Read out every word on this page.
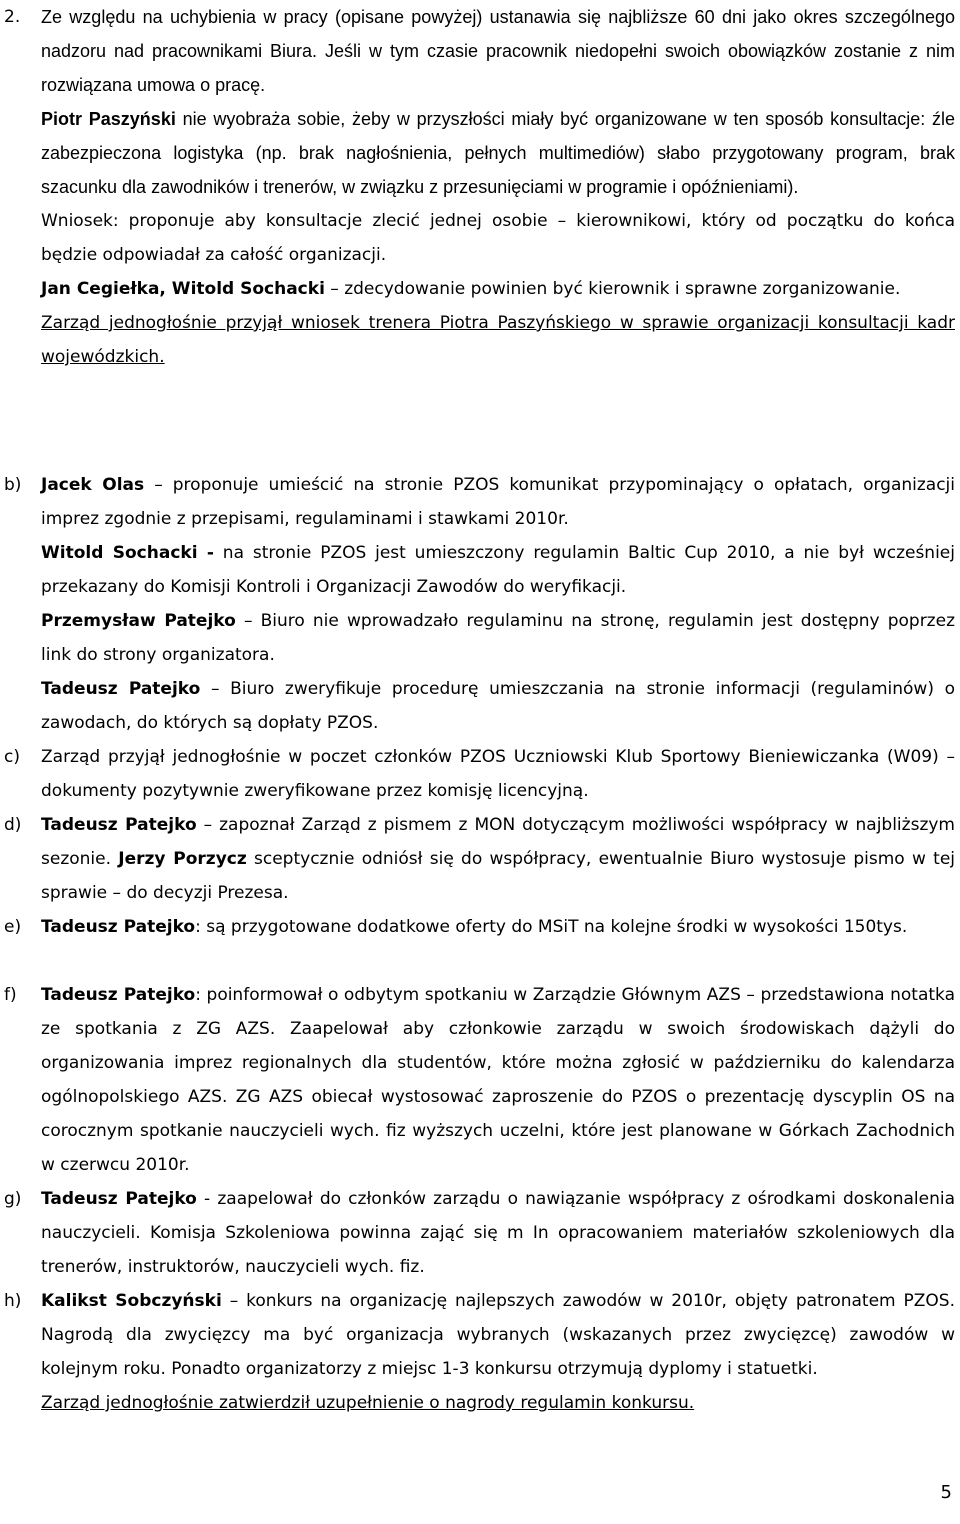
2. Ze względu na uchybienia w pracy (opisane powyżej) ustanawia się najbliższe 60 dni jako okres szczególnego nadzoru nad pracownikami Biura. Jeśli w tym czasie pracownik niedopełni swoich obowiązków zostanie z nim rozwiązana umowa o pracę.
Piotr Paszyński nie wyobraża sobie, żeby w przyszłości miały być organizowane w ten sposób konsultacje: źle zabezpieczona logistyka (np. brak nagłośnienia, pełnych multimediów) słabo przygotowany program, brak szacunku dla zawodników i trenerów, w związku z przesunięciami w programie i opóźnieniami).
Wniosek: proponuje aby konsultacje zlecić jednej osobie – kierownikowi, który od początku do końca będzie odpowiadał za całość organizacji.
Jan Cegiełka, Witold Sochacki – zdecydowanie powinien być kierownik i sprawne zorganizowanie.
Zarząd jednogłośnie przyjął wniosek trenera Piotra Paszyńskiego w sprawie organizacji konsultacji kadr wojewódzkich.
b) Jacek Olas – proponuje umieścić na stronie PZOS komunikat przypominający o opłatach, organizacji imprez zgodnie z przepisami, regulaminami i stawkami 2010r.
Witold Sochacki - na stronie PZOS jest umieszczony regulamin Baltic Cup 2010, a nie był wcześniej przekazany do Komisji Kontroli i Organizacji Zawodów do weryfikacji.
Przemysław Patejko – Biuro nie wprowadzało regulaminu na stronę, regulamin jest dostępny poprzez link do strony organizatora.
Tadeusz Patejko – Biuro zweryfikuje procedurę umieszczania na stronie informacji (regulaminów) o zawodach, do których są dopłaty PZOS.
c) Zarząd przyjął jednogłośnie w poczet członków PZOS Uczniowski Klub Sportowy Bieniewiczanka (W09) – dokumenty pozytywnie zweryfikowane przez komisję licencyjną.
d) Tadeusz Patejko – zapoznał Zarząd z pismem z MON dotyczącym możliwości współpracy w najbliższym sezonie. Jerzy Porzycz sceptycznie odniósł się do współpracy, ewentualnie Biuro wystosuje pismo w tej sprawie – do decyzji Prezesa.
e) Tadeusz Patejko: są przygotowane dodatkowe oferty do MSiT na kolejne środki w wysokości 150tys.
f) Tadeusz Patejko: poinformował o odbytym spotkaniu w Zarządzie Głównym AZS – przedstawiona notatka ze spotkania z ZG AZS. Zaapelował aby członkowie zarządu w swoich środowiskach dążyli do organizowania imprez regionalnych dla studentów, które można zgłosić w październiku do kalendarza ogólnopolskiego AZS. ZG AZS obiecał wystosować zaproszenie do PZOS o prezentację dyscyplin OS na corocznym spotkanie nauczycieli wych. fiz wyższych uczelni, które jest planowane w Górkach Zachodnich w czerwcu 2010r.
g) Tadeusz Patejko - zaapelował do członków zarządu o nawiązanie współpracy z ośrodkami doskonalenia nauczycieli. Komisja Szkoleniowa powinna zająć się m In opracowaniem materiałów szkoleniowych dla trenerów, instruktorów, nauczycieli wych. fiz.
h) Kalikst Sobczyński – konkurs na organizację najlepszych zawodów w 2010r, objęty patronatem PZOS. Nagrodą dla zwycięzcy ma być organizacja wybranych (wskazanych przez zwycięzcę) zawodów w kolejnym roku. Ponadto organizatorzy z miejsc 1-3 konkursu otrzymują dyplomy i statuetki.
Zarząd jednogłośnie zatwierdził uzupełnienie o nagrody regulamin konkursu.
5
